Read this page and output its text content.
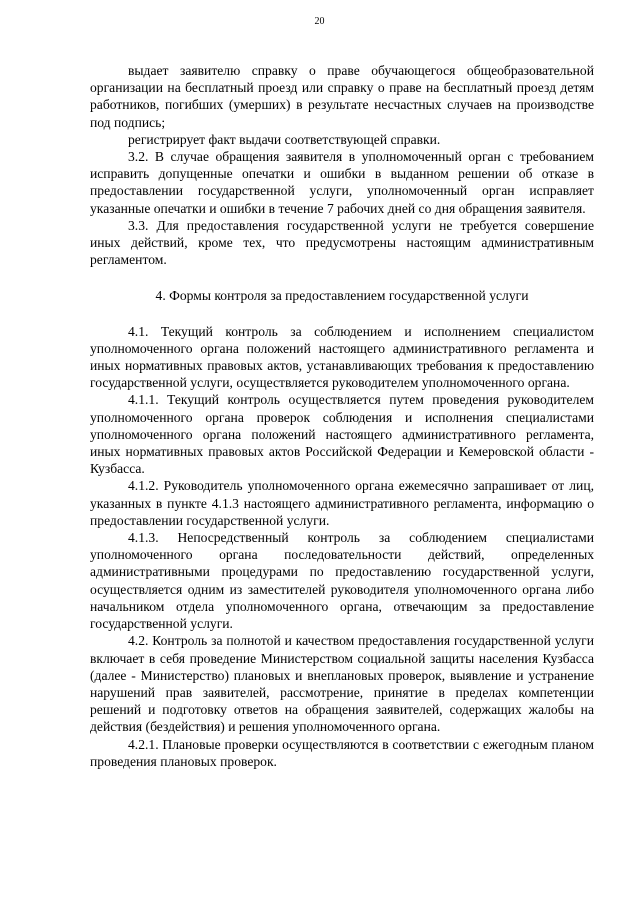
20

выдает заявителю справку о праве обучающегося общеобразовательной организации на бесплатный проезд или справку о праве на бесплатный проезд детям работников, погибших (умерших) в результате несчастных случаев на производстве под подпись;

регистрирует факт выдачи соответствующей справки.

3.2. В случае обращения заявителя в уполномоченный орган с требованием исправить допущенные опечатки и ошибки в выданном решении об отказе в предоставлении государственной услуги, уполномоченный орган исправляет указанные опечатки и ошибки в течение 7 рабочих дней со дня обращения заявителя.

3.3. Для предоставления государственной услуги не требуется совершение иных действий, кроме тех, что предусмотрены настоящим административным регламентом.

4. Формы контроля за предоставлением государственной услуги

4.1. Текущий контроль за соблюдением и исполнением специалистом уполномоченного органа положений настоящего административного регламента и иных нормативных правовых актов, устанавливающих требования к предоставлению государственной услуги, осуществляется руководителем уполномоченного органа.

4.1.1. Текущий контроль осуществляется путем проведения руководителем уполномоченного органа проверок соблюдения и исполнения специалистами уполномоченного органа положений настоящего административного регламента, иных нормативных правовых актов Российской Федерации и Кемеровской области - Кузбасса.

4.1.2. Руководитель уполномоченного органа ежемесячно запрашивает от лиц, указанных в пункте 4.1.3 настоящего административного регламента, информацию о предоставлении государственной услуги.

4.1.3. Непосредственный контроль за соблюдением специалистами уполномоченного органа последовательности действий, определенных административными процедурами по предоставлению государственной услуги, осуществляется одним из заместителей руководителя уполномоченного органа либо начальником отдела уполномоченного органа, отвечающим за предоставление государственной услуги.

4.2. Контроль за полнотой и качеством предоставления государственной услуги включает в себя проведение Министерством социальной защиты населения Кузбасса (далее - Министерство) плановых и внеплановых проверок, выявление и устранение нарушений прав заявителей, рассмотрение, принятие в пределах компетенции решений и подготовку ответов на обращения заявителей, содержащих жалобы на действия (бездействия) и решения уполномоченного органа.

4.2.1. Плановые проверки осуществляются в соответствии с ежегодным планом проведения плановых проверок.
